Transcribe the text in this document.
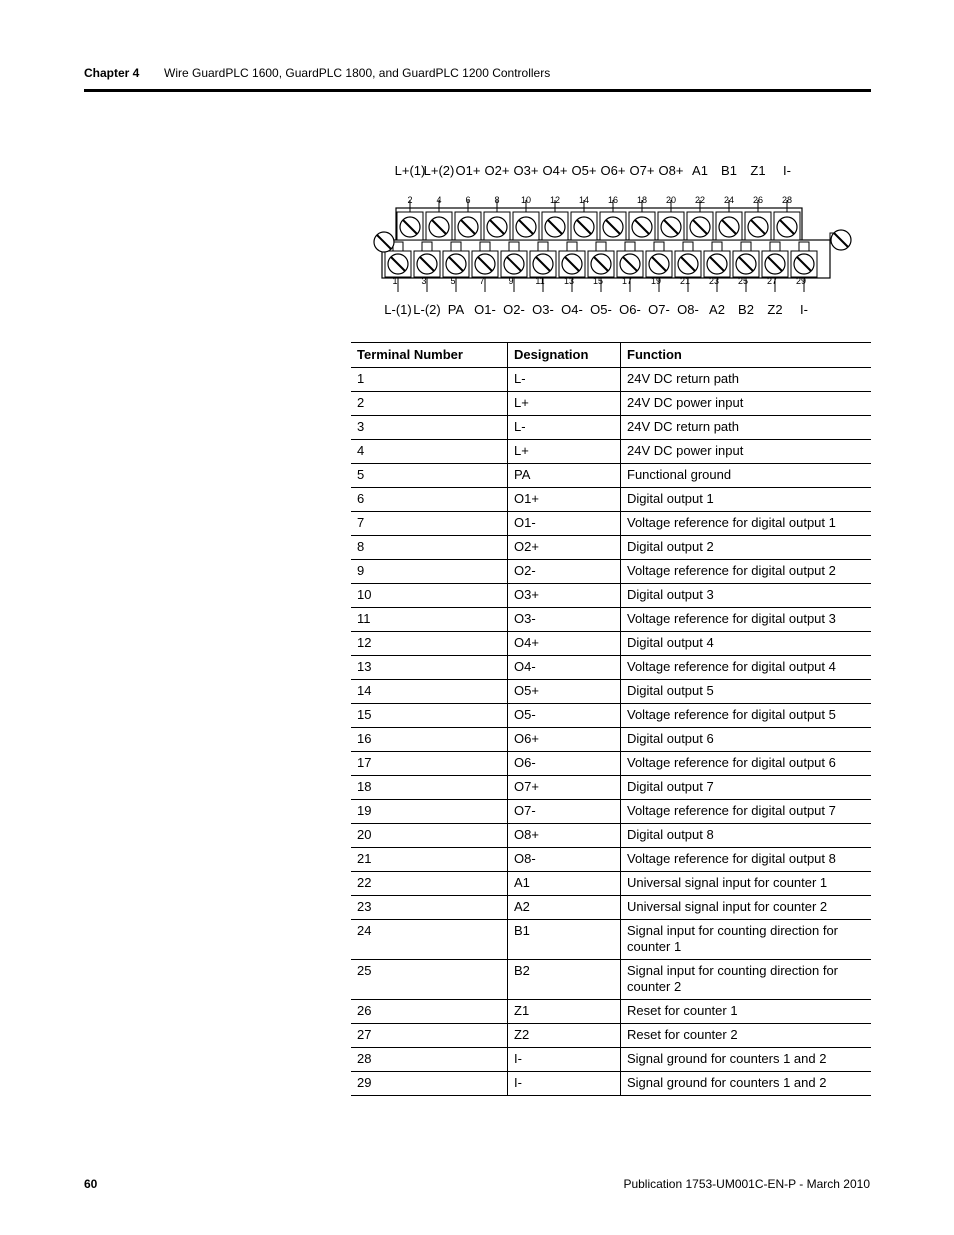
Chapter 4 Wire GuardPLC 1600, GuardPLC 1800, and GuardPLC 1200 Controllers
2	4	6	8 10 12 14 16 18 20 22 24 26 28
L+(1)
L+(2) O1+ O2+ O3+ O4+ O5+ O6+ O7+ O8+ A1 B1 Z1 I-
1	3	5	7	9 11 13 15 17 19 21 23 25 27 29
L-(1) L-(2) PA O1- O2- O3- O4- O5- O6- O7- O8- A2 B2 Z2 I-
Terminal Number	Designation	Function
1	L-	24V DC return path
2	L+	24V DC power input
3	L-	24V DC return path
4	L+	24V DC power input
5	PA	Functional ground
6	O1+	Digital output 1
7	O1-	Voltage reference for digital output 1
8	O2+	Digital output 2
9	O2-	Voltage reference for digital output 2
10	O3+	Digital output 3
11	O3-	Voltage reference for digital output 3
12	O4+	Digital output 4
13	O4-	Voltage reference for digital output 4
14	O5+	Digital output 5
15	O5-	Voltage reference for digital output 5
16	O6+	Digital output 6
17	O6-	Voltage reference for digital output 6
18	O7+	Digital output 7
19	O7-	Voltage reference for digital output 7
20	O8+	Digital output 8
21	O8-	Voltage reference for digital output 8
22	A1	Universal signal input for counter 1
23	A2	Universal signal input for counter 2
24	B1	Signal input for counting direction for counter 1
25	B2	Signal input for counting direction for counter 2
26	Z1	Reset for counter 1
27	Z2	Reset for counter 2
28	I-	Signal ground for counters 1 and 2
29	I-	Signal ground for counters 1 and 2
60	Publication 1753-UM001C-EN-P - March 2010
